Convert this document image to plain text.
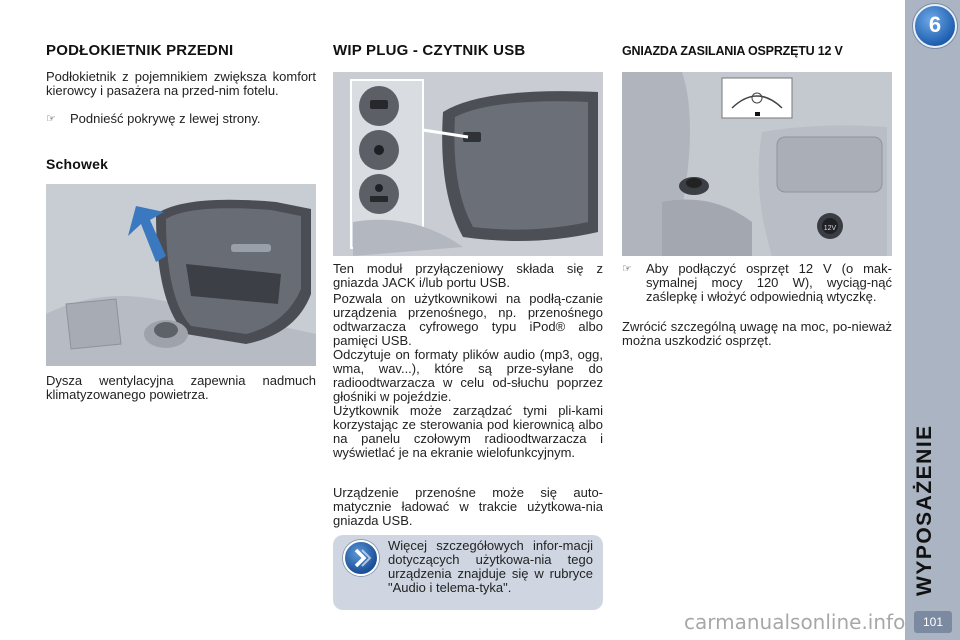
PODŁOKIETNIK PRZEDNI
Podłokietnik z pojemnikiem zwiększa komfort kierowcy i pasażera na przed-nim fotelu.
☞	Podnieść pokrywę z lewej strony.
Schowek
Dysza wentylacyjna zapewnia nadmuch klimatyzowanego powietrza.
WIP PLUG - CZYTNIK USB
Ten moduł przyłączeniowy składa się z gniazda JACK i/lub portu USB.
Pozwala on użytkownikowi na podłą-czanie urządzenia przenośnego, np. przenośnego odtwarzacza cyfrowego typu iPod® albo pamięci USB.
Odczytuje on formaty plików audio (mp3, ogg, wma, wav...), które są prze-syłane do radioodtwarzacza w celu od-słuchu poprzez głośniki w pojeździe.
Użytkownik może zarządzać tymi pli-kami korzystając ze sterowania pod kierownicą albo na panelu czołowym radioodtwarzacza i wyświetlać je na ekranie wielofunkcyjnym.
Urządzenie przenośne może się auto-matycznie ładować w trakcie użytkowa-nia gniazda USB.
Więcej szczegółowych infor-macji dotyczących użytkowa-nia tego urządzenia znajduje się w rubryce "Audio i telema-tyka".
GNIAZDA ZASILANIA OSPRZĘTU 12 V
12V
☞	Aby podłączyć osprzęt 12 V (o mak-symalnej mocy 120 W), wyciąg-nąć zaślepkę i włożyć odpowiednią wtyczkę.
Zwrócić szczególną uwagę na moc, po-nieważ można uszkodzić osprzęt.
6
WYPOSAŻENIE
101
carmanualsonline.info
